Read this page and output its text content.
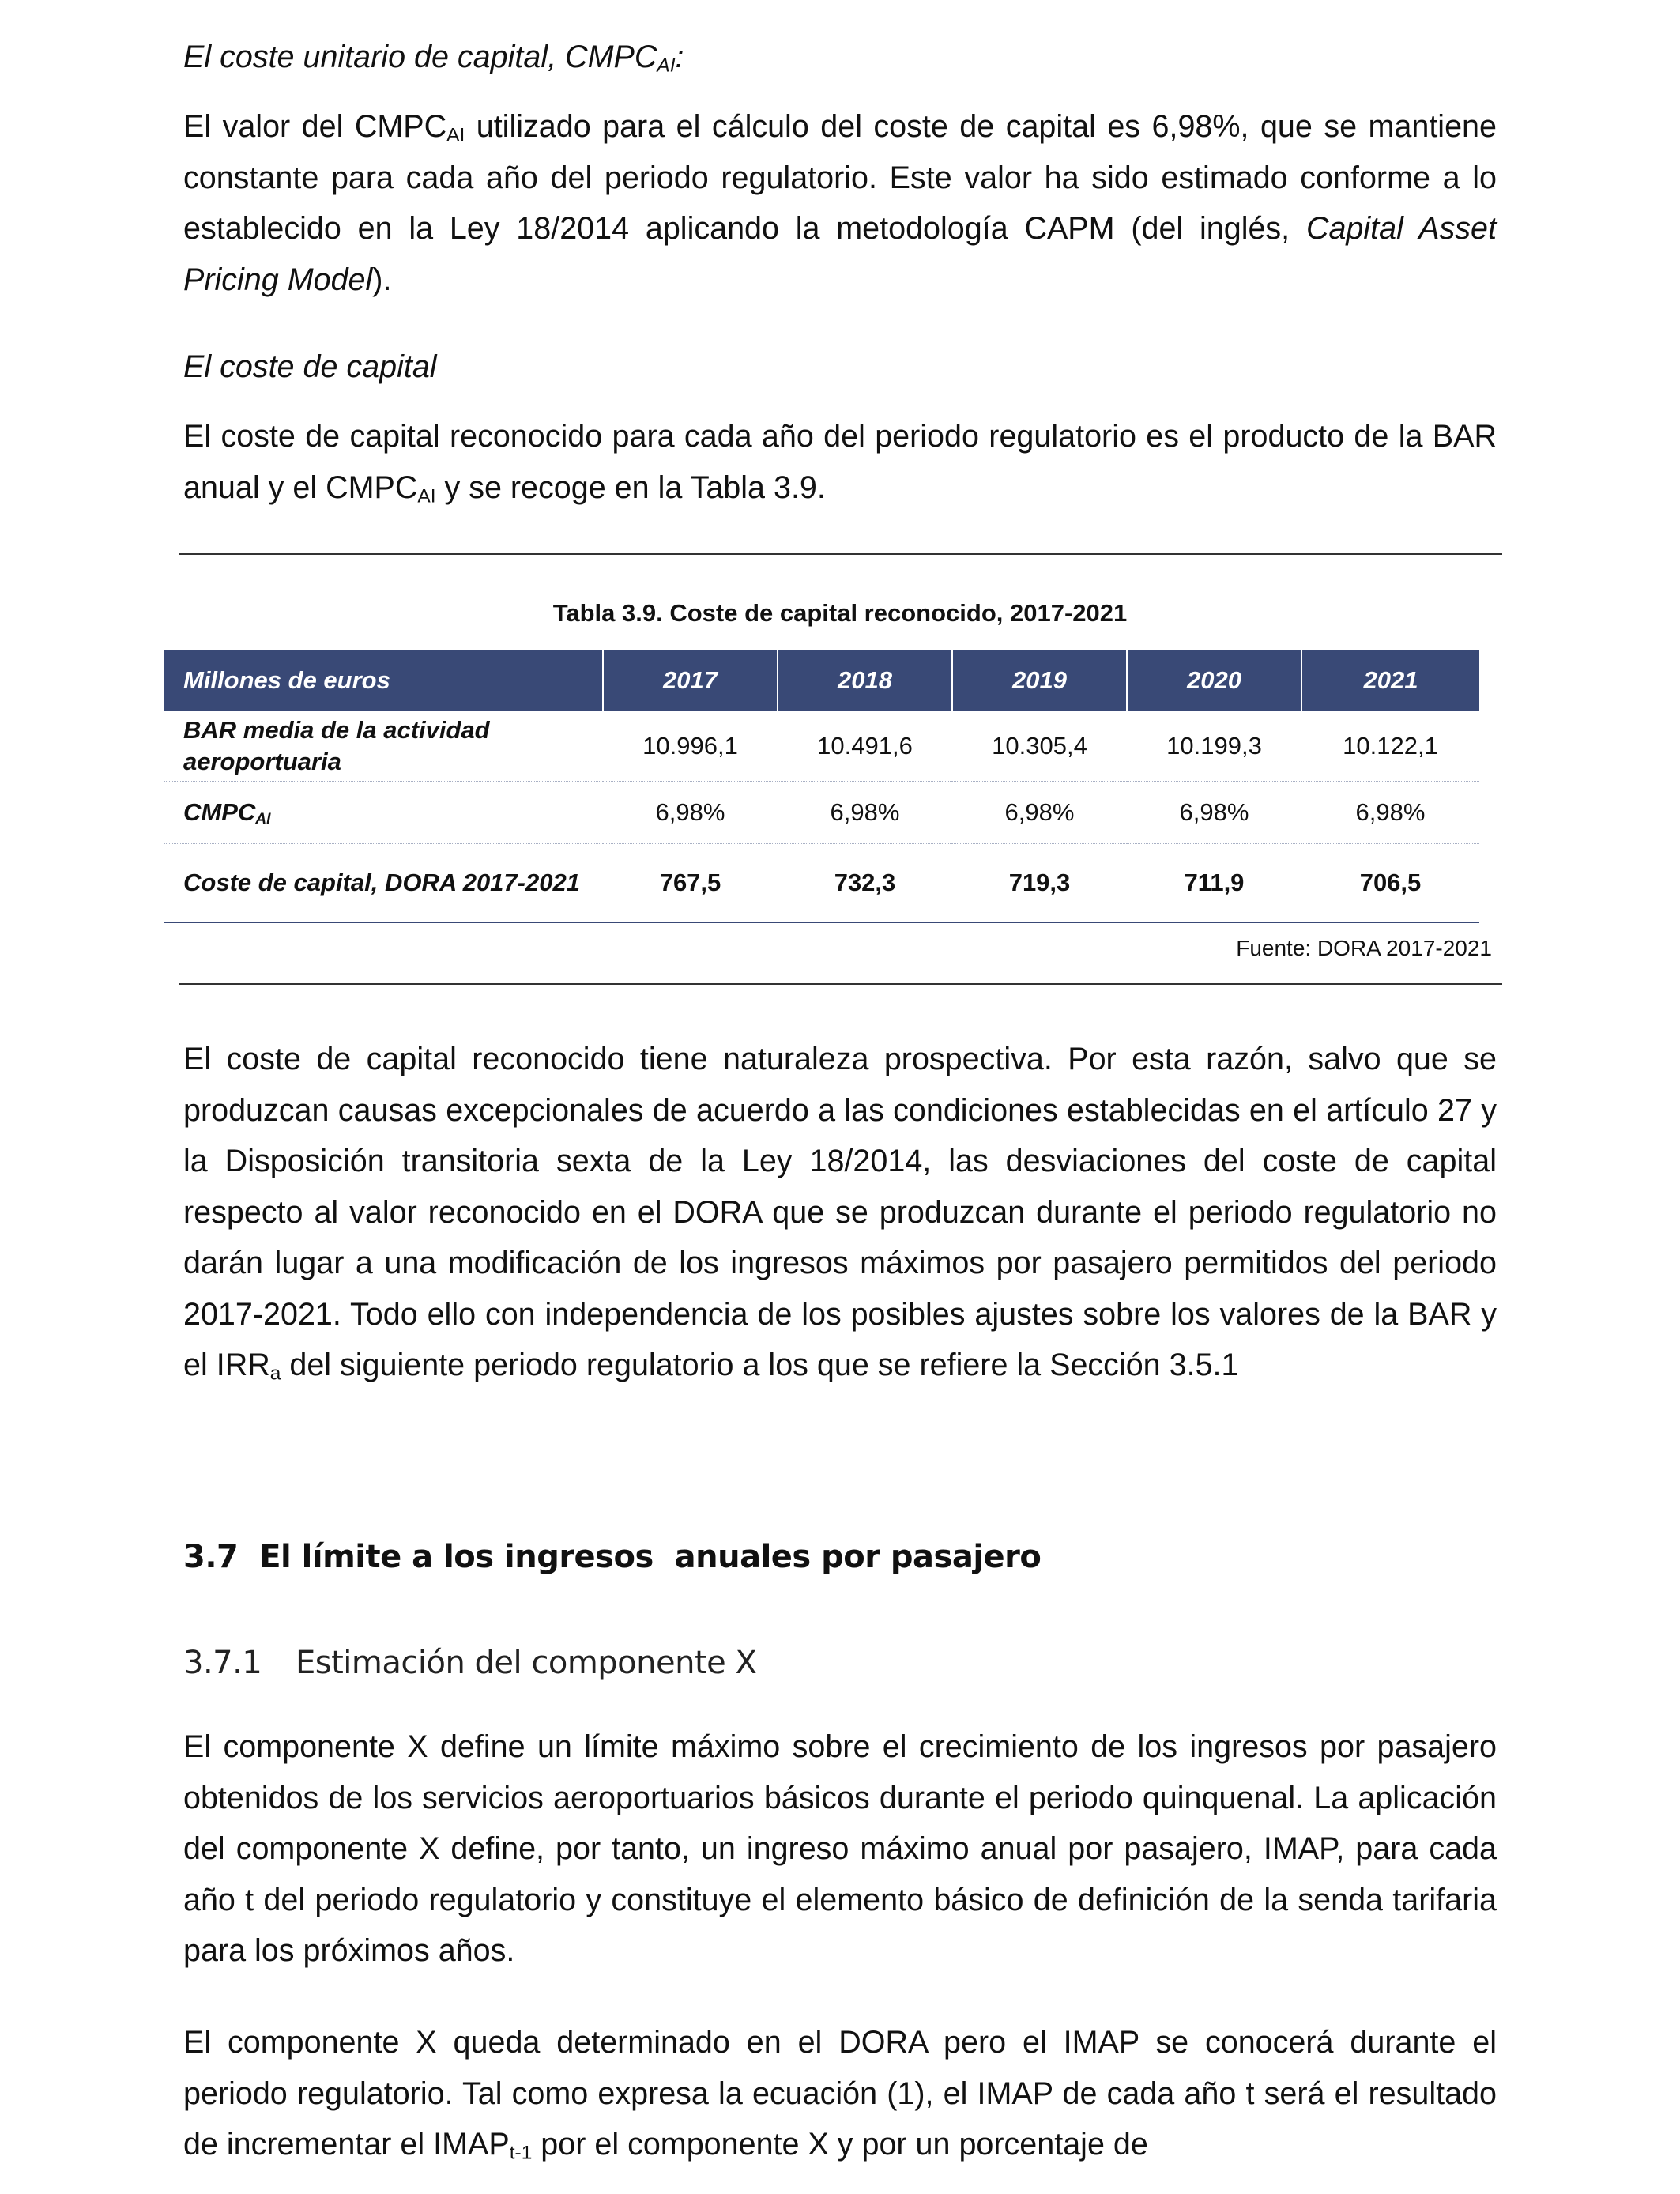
El coste unitario de capital, $CMPC_{AI}$:

El valor del $CMPC_{AI}$ utilizado para el cálculo del coste de capital es 6,98%, que se mantiene constante para cada año del periodo regulatorio. Este valor ha sido estimado conforme a lo establecido en la Ley 18/2014 aplicando la metodología CAPM (del inglés, Capital Asset Pricing Model).

El coste de capital

El coste de capital reconocido para cada año del periodo regulatorio es el producto de la BAR anual y el $CMPC_{AI}$ y se recoge en la Tabla 3.9.

Tabla 3.9. Coste de capital reconocido, 2017-2021
Millones de euros	2017	2018	2019	2020	2021
BAR media de la actividad aeroportuaria	10.996,1	10.491,6	10.305,4	10.199,3	10.122,1
$CMPC_{AI}$	6,98%	6,98%	6,98%	6,98%	6,98%
Coste de capital, DORA 2017-2021	767,5	732,3	719,3	711,9	706,5
Fuente: DORA 2017-2021

El coste de capital reconocido tiene naturaleza prospectiva. Por esta razón, salvo que se produzcan causas excepcionales de acuerdo a las condiciones establecidas en el artículo 27 y la Disposición transitoria sexta de la Ley 18/2014, las desviaciones del coste de capital respecto al valor reconocido en el DORA que se produzcan durante el periodo regulatorio no darán lugar a una modificación de los ingresos máximos por pasajero permitidos del periodo 2017-2021. Todo ello con independencia de los posibles ajustes sobre los valores de la BAR y el $IRR_a$ del siguiente periodo regulatorio a los que se refiere la Sección 3.5.1

3.7  El límite a los ingresos  anuales por pasajero
3.7.1 Estimación del componente X

El componente X define un límite máximo sobre el crecimiento de los ingresos por pasajero obtenidos de los servicios aeroportuarios básicos durante el periodo quinquenal. La aplicación del componente X define, por tanto, un ingreso máximo anual por pasajero, IMAP, para cada año t del periodo regulatorio y constituye el elemento básico de definición de la senda tarifaria para los próximos años.

El componente X queda determinado en el DORA pero el IMAP se conocerá durante el periodo regulatorio. Tal como expresa la ecuación (1), el IMAP de cada año t será el resultado de incrementar el $IMAP_{t-1}$ por el componente X y por un porcentaje de
